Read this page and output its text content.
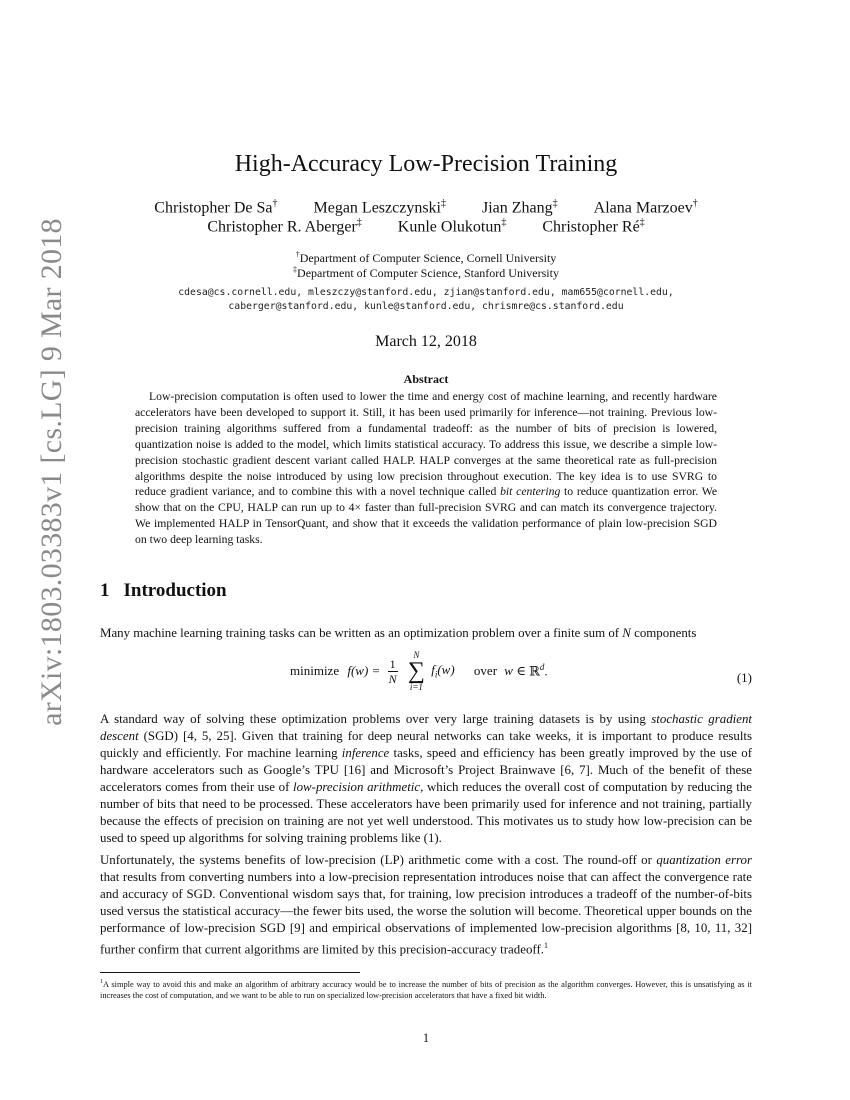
arXiv:1803.03383v1 [cs.LG] 9 Mar 2018
High-Accuracy Low-Precision Training
Christopher De Sa† Megan Leszczynski‡ Jian Zhang‡ Alana Marzoev†
Christopher R. Aberger‡ Kunle Olukotun‡ Christopher Ré‡
†Department of Computer Science, Cornell University
‡Department of Computer Science, Stanford University
cdesa@cs.cornell.edu, mleszczy@stanford.edu, zjian@stanford.edu, mam655@cornell.edu,
caberger@stanford.edu, kunle@stanford.edu, chrismre@cs.stanford.edu
March 12, 2018
Abstract
Low-precision computation is often used to lower the time and energy cost of machine learning, and recently hardware accelerators have been developed to support it. Still, it has been used primarily for inference—not training. Previous low-precision training algorithms suffered from a fundamental tradeoff: as the number of bits of precision is lowered, quantization noise is added to the model, which limits statistical accuracy. To address this issue, we describe a simple low-precision stochastic gradient descent variant called HALP. HALP converges at the same theoretical rate as full-precision algorithms despite the noise introduced by using low precision throughout execution. The key idea is to use SVRG to reduce gradient variance, and to combine this with a novel technique called bit centering to reduce quantization error. We show that on the CPU, HALP can run up to 4× faster than full-precision SVRG and can match its convergence trajectory. We implemented HALP in TensorQuant, and show that it exceeds the validation performance of plain low-precision SGD on two deep learning tasks.
1 Introduction
Many machine learning training tasks can be written as an optimization problem over a finite sum of N components
minimize $f(w) = \frac{1}{N}$

N
∑
i=1
$f_i(w)$ over w ∈ ℝ$^d$.	(1)
A standard way of solving these optimization problems over very large training datasets is by using stochastic gradient descent (SGD) [4, 5, 25]. Given that training for deep neural networks can take weeks, it is important to produce results quickly and efficiently. For machine learning inference tasks, speed and efficiency has been greatly improved by the use of hardware accelerators such as Google’s TPU [16] and Microsoft’s Project Brainwave [6, 7]. Much of the benefit of these accelerators comes from their use of low-precision arithmetic, which reduces the overall cost of computation by reducing the number of bits that need to be processed. These accelerators have been primarily used for inference and not training, partially because the effects of precision on training are not yet well understood. This motivates us to study how low-precision can be used to speed up algorithms for solving training problems like (1).
Unfortunately, the systems benefits of low-precision (LP) arithmetic come with a cost. The round-off or quantization error that results from converting numbers into a low-precision representation introduces noise that can affect the convergence rate and accuracy of SGD. Conventional wisdom says that, for training, low precision introduces a tradeoff of the number-of-bits used versus the statistical accuracy—the fewer bits used, the worse the solution will become. Theoretical upper bounds on the performance of low-precision SGD [9] and empirical observations of implemented low-precision algorithms [8, 10, 11, 32] further confirm that current algorithms are limited by this precision-accuracy tradeoff.$^1$
$^1$A simple way to avoid this and make an algorithm of arbitrary accuracy would be to increase the number of bits of precision as the algorithm converges. However, this is unsatisfying as it increases the cost of computation, and we want to be able to run on specialized low-precision accelerators that have a fixed bit width.
1
